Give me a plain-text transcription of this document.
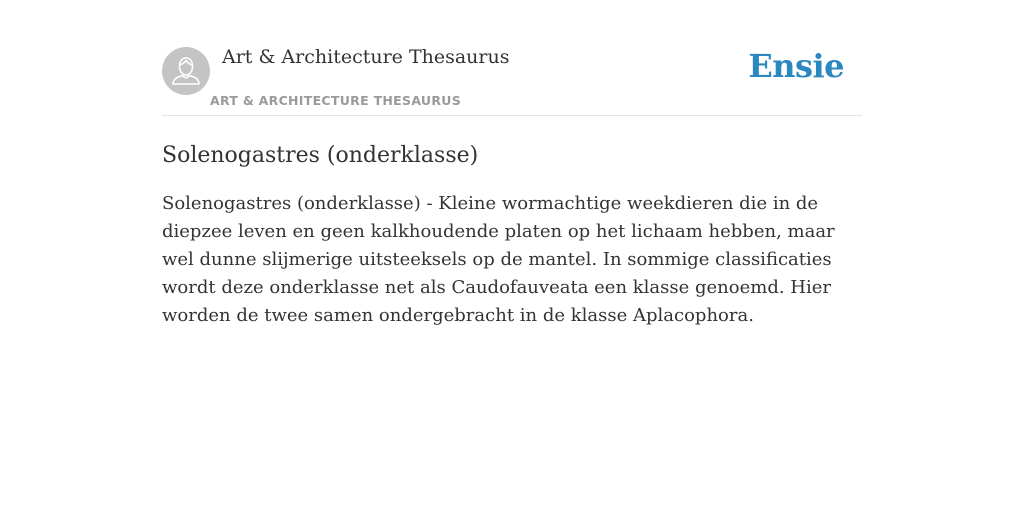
Art & Architecture Thesaurus
ART & ARCHITECTURE THESAURUS
Ensie
Solenogastres (onderklasse)

Solenogastres (onderklasse) - Kleine wormachtige weekdieren die in de diepzee leven en geen kalkhoudende platen op het lichaam hebben, maar wel dunne slijmerige uitsteeksels op de mantel. In sommige classificaties wordt deze onderklasse net als Caudofauveata een klasse genoemd. Hier worden de twee samen ondergebracht in de klasse Aplacophora.
